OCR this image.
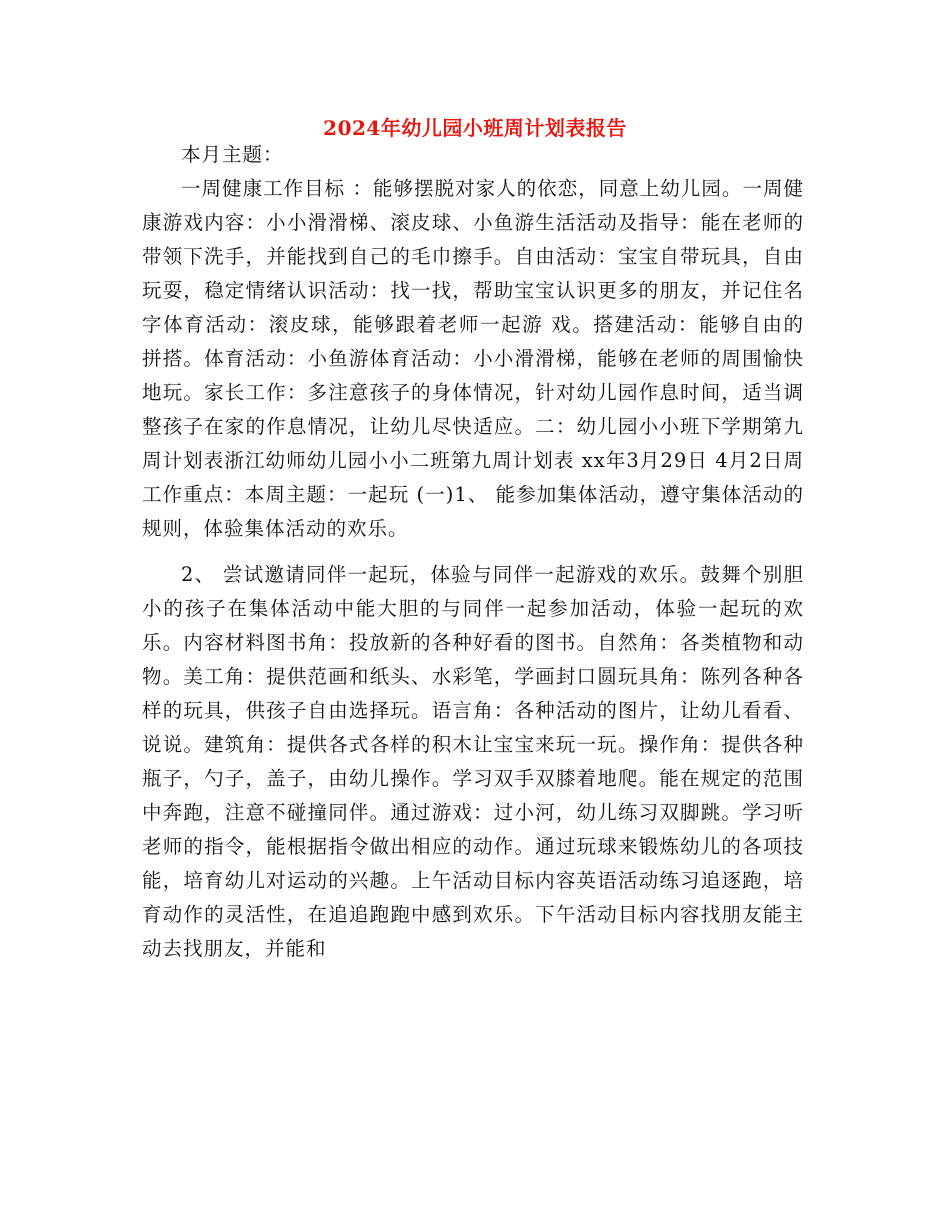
2024年幼儿园小班周计划表报告

本月主题：

一周健康工作目标 ：能够摆脱对家人的依恋，同意上幼儿园。一周健康游戏内容：小小滑滑梯、滚皮球、小鱼游生活活动及指导：能在老师的带领下洗手，并能找到自己的毛巾擦手。自由活动：宝宝自带玩具，自由玩耍，稳定情绪认识活动：找一找，帮助宝宝认识更多的朋友，并记住名字体育活动：滚皮球，能够跟着老师一起游 戏。搭建活动：能够自由的拼搭。体育活动：小鱼游体育活动：小小滑滑梯，能够在老师的周围愉快地玩。家长工作：多注意孩子的身体情况，针对幼儿园作息时间，适当调整孩子在家的作息情况，让幼儿尽快适应。二：幼儿园小小班下学期第九周计划表浙江幼师幼儿园小小二班第九周计划表 xx年3月29日 4月2日周工作重点：本周主题：一起玩 (一)1、 能参加集体活动，遵守集体活动的规则，体验集体活动的欢乐。

2、 尝试邀请同伴一起玩，体验与同伴一起游戏的欢乐。鼓舞个别胆小的孩子在集体活动中能大胆的与同伴一起参加活动，体验一起玩的欢乐。内容材料图书角：投放新的各种好看的图书。自然角：各类植物和动物。美工角：提供范画和纸头、水彩笔，学画封口圆玩具角：陈列各种各样的玩具，供孩子自由选择玩。语言角：各种活动的图片，让幼儿看看、说说。建筑角：提供各式各样的积木让宝宝来玩一玩。操作角：提供各种瓶子，勺子，盖子，由幼儿操作。学习双手双膝着地爬。能在规定的范围中奔跑，注意不碰撞同伴。通过游戏：过小河，幼儿练习双脚跳。学习听老师的指令，能根据指令做出相应的动作。通过玩球来锻炼幼儿的各项技能，培育幼儿对运动的兴趣。上午活动目标内容英语活动练习追逐跑，培育动作的灵活性，在追追跑跑中感到欢乐。下午活动目标内容找朋友能主动去找朋友，并能和
